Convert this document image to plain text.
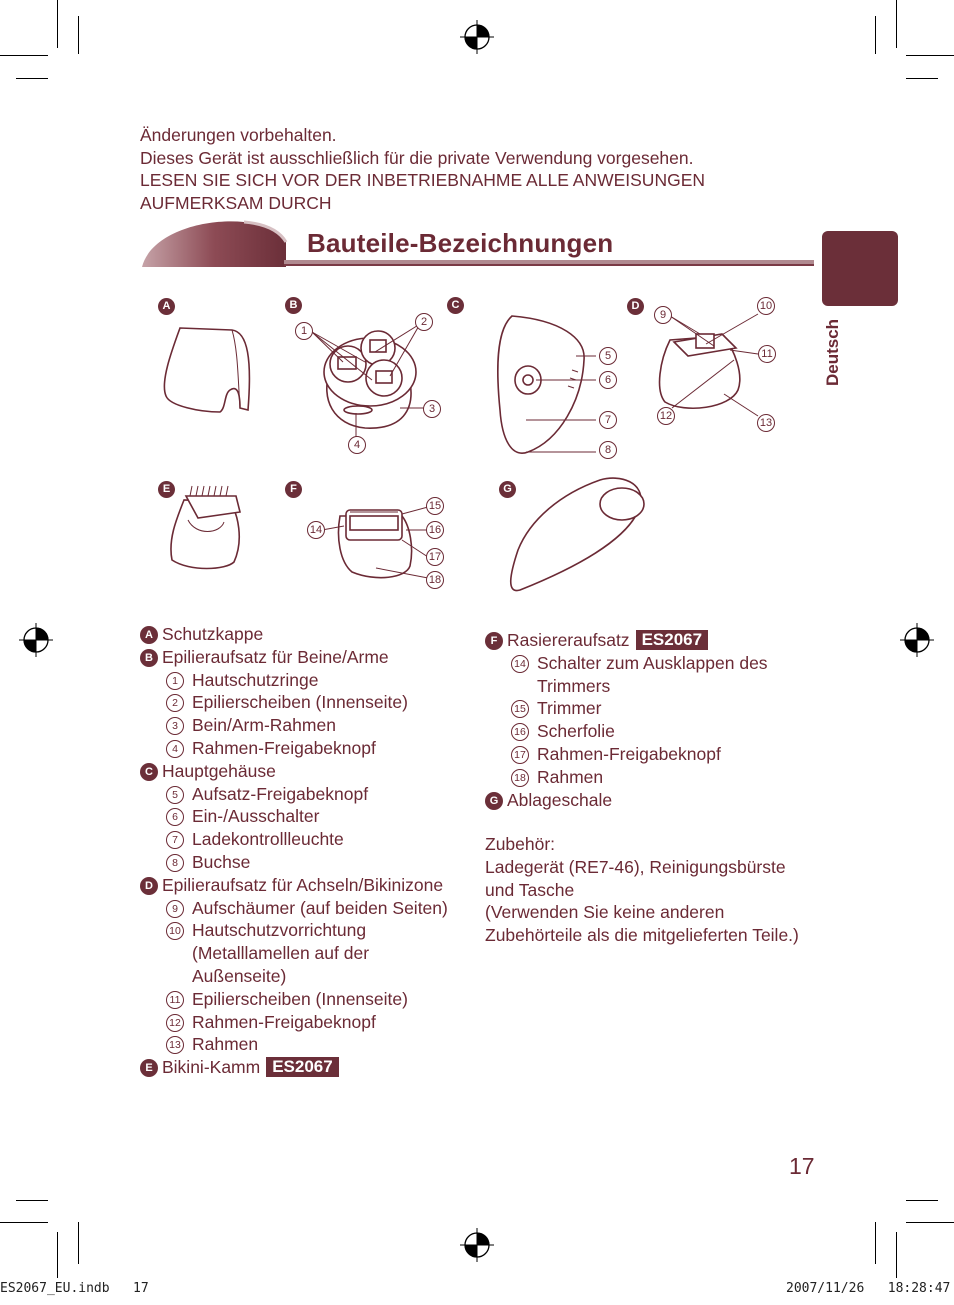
Änderungen vorbehalten.
Dieses Gerät ist ausschließlich für die private Verwendung vorgesehen.
LESEN SIE SICH VOR DER INBETRIEBNAHME ALLE ANWEISUNGEN
AUFMERKSAM DURCH
Bauteile-Bezeichnungen
Deutsch
A	B	C	D
E	F	G
1
2
3
4
5
6
7
8
9
10
11
12
13
14
15
16
17
18
A Schutzkappe
B Epilieraufsatz für Beine/Arme
1 Hautschutzringe
2 Epilierscheiben (Innenseite)
3 Bein/Arm-Rahmen
4 Rahmen-Freigabeknopf
C Hauptgehäuse
5 Aufsatz-Freigabeknopf
6 Ein-/Ausschalter
7 Ladekontrollleuchte
8 Buchse
D Epilieraufsatz für Achseln/Bikinizone
9 Aufschäumer (auf beiden Seiten)
10 Hautschutzvorrichtung
(Metalllamellen auf der
Außenseite)
11 Epilierscheiben (Innenseite)
12 Rahmen-Freigabeknopf
13 Rahmen
E Bikini-Kamm ES2067
F Rasiereraufsatz ES2067
14 Schalter zum Ausklappen des
Trimmers
15 Trimmer
16 Scherfolie
17 Rahmen-Freigabeknopf
18 Rahmen
G Ablageschale
Zubehör:
Ladegerät (RE7-46), Reinigungsbürste
und Tasche
(Verwenden Sie keine anderen
Zubehörteile als die mitgelieferten Teile.)
17
ES2067_EU.indb   17	2007/11/26   18:28:47
